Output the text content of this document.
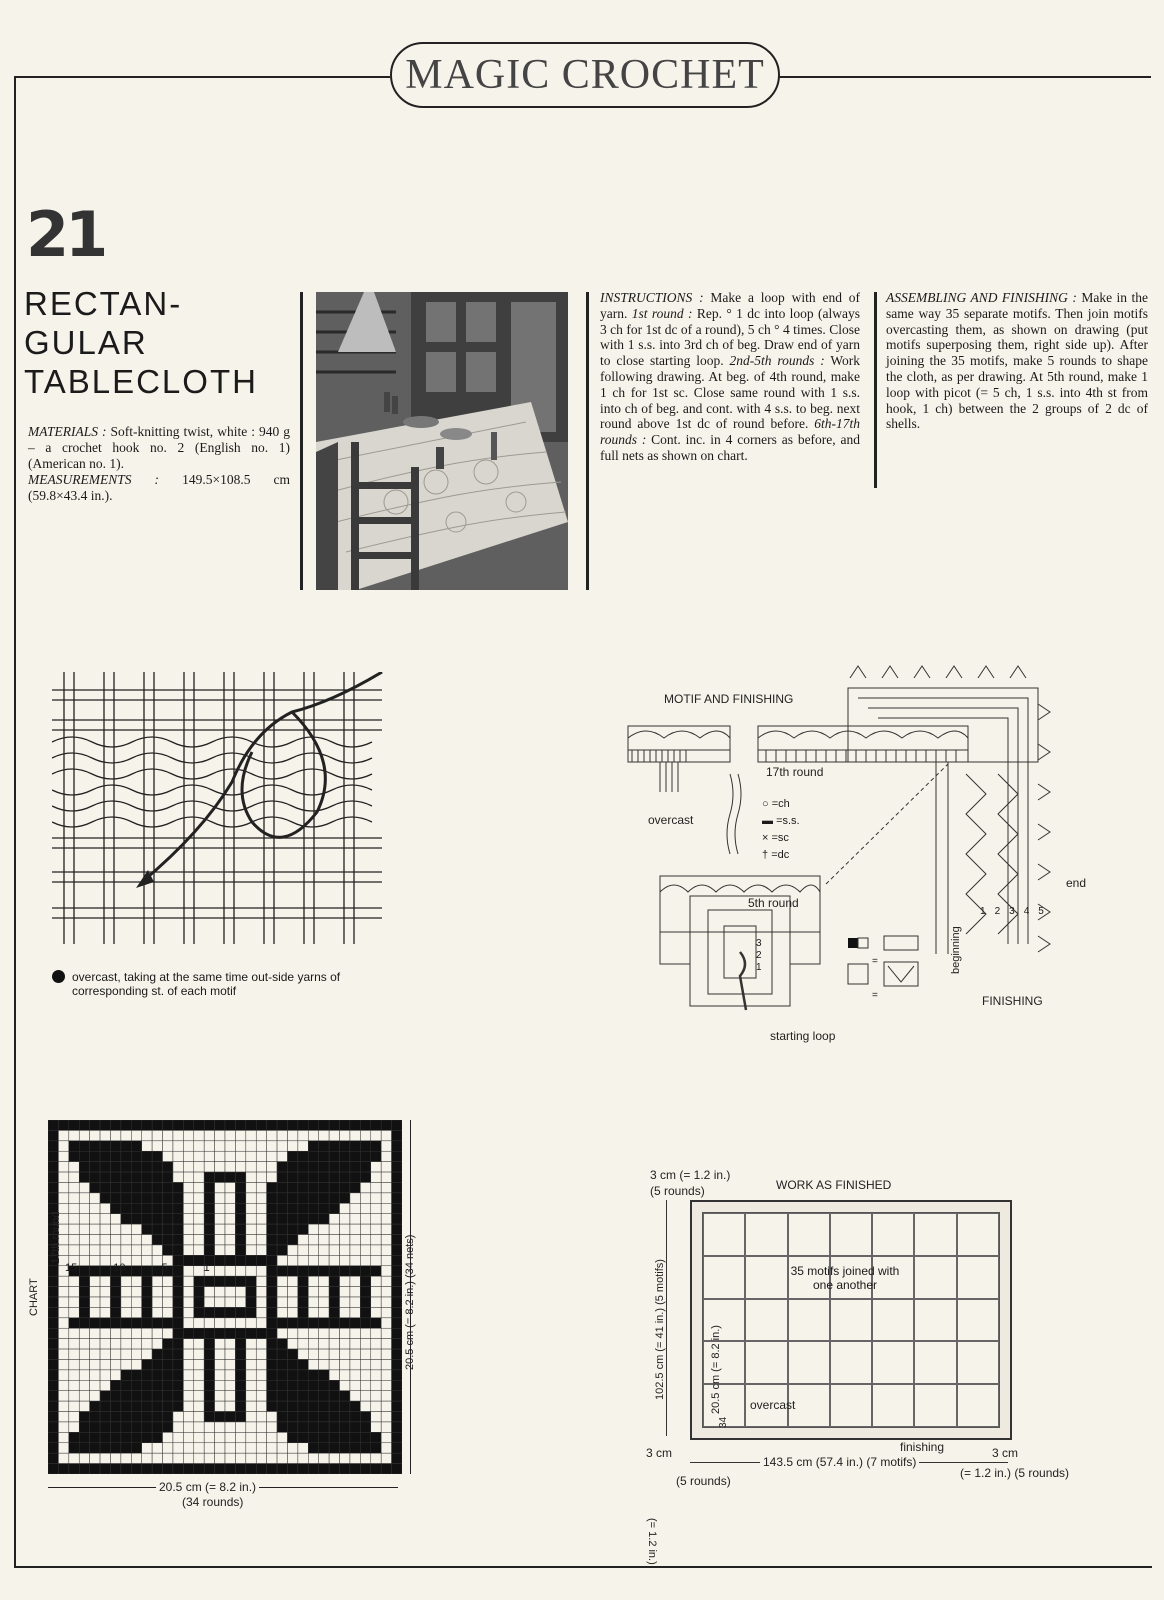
MAGIC CROCHET
21
RECTAN-
GULAR
TABLECLOTH
MATERIALS : Soft-knitting twist, white : 940 g – a crochet hook no. 2 (English no. 1) (American no. 1).
MEASUREMENTS : 149.5×108.5 cm (59.8×43.4 in.).
INSTRUCTIONS : Make a loop with end of yarn. 1st round : Rep. ° 1 dc into loop (always 3 ch for 1st dc of a round), 5 ch ° 4 times. Close with 1 s.s. into 3rd ch of beg. Draw end of yarn to close starting loop. 2nd-5th rounds : Work following drawing. At beg. of 4th round, make 1 ch for 1st sc. Close same round with 1 s.s. into ch of beg. and cont. with 4 s.s. to beg. next round above 1st dc of round before. 6th-17th rounds : Cont. inc. in 4 corners as before, and full nets as shown on chart.
ASSEMBLING AND FINISHING : Make in the same way 35 separate motifs. Then join motifs overcasting them, as shown on drawing (put motifs superposing them, right side up). After joining the 35 motifs, make 5 rounds to shape the cloth, as per drawing. At 5th round, make 1 loop with picot (= 5 ch, 1 s.s. into 4th st from hook, 1 ch) between the 2 groups of 2 dc of shells.
overcast, taking at the same time out-side yarns of corresponding st. of each motif
MOTIF AND FINISHING
17th round
overcast
○ =ch
▬ =s.s.
× =sc
† =dc
5th round
starting loop
beginning
end
FINISHING
1 2 3 4 5
3
2
1
=
=
CHART
17th round
15	10	5	1	20.5 cm (= 8.2 in.) (34 nets)
20.5 cm (= 8.2 in.)
(34 rounds)
3 cm (= 1.2 in.)
(5 rounds)	WORK AS FINISHED
35 motifs joined with one another
102.5 cm (= 41 in.) (5 motifs)	20.5 cm (= 8.2 in.)
34
overcast
finishing
3 cm
(= 1.2 in.)
(5 rounds)
143.5 cm (57.4 in.) (7 motifs)
3 cm
(= 1.2 in.) (5 rounds)
